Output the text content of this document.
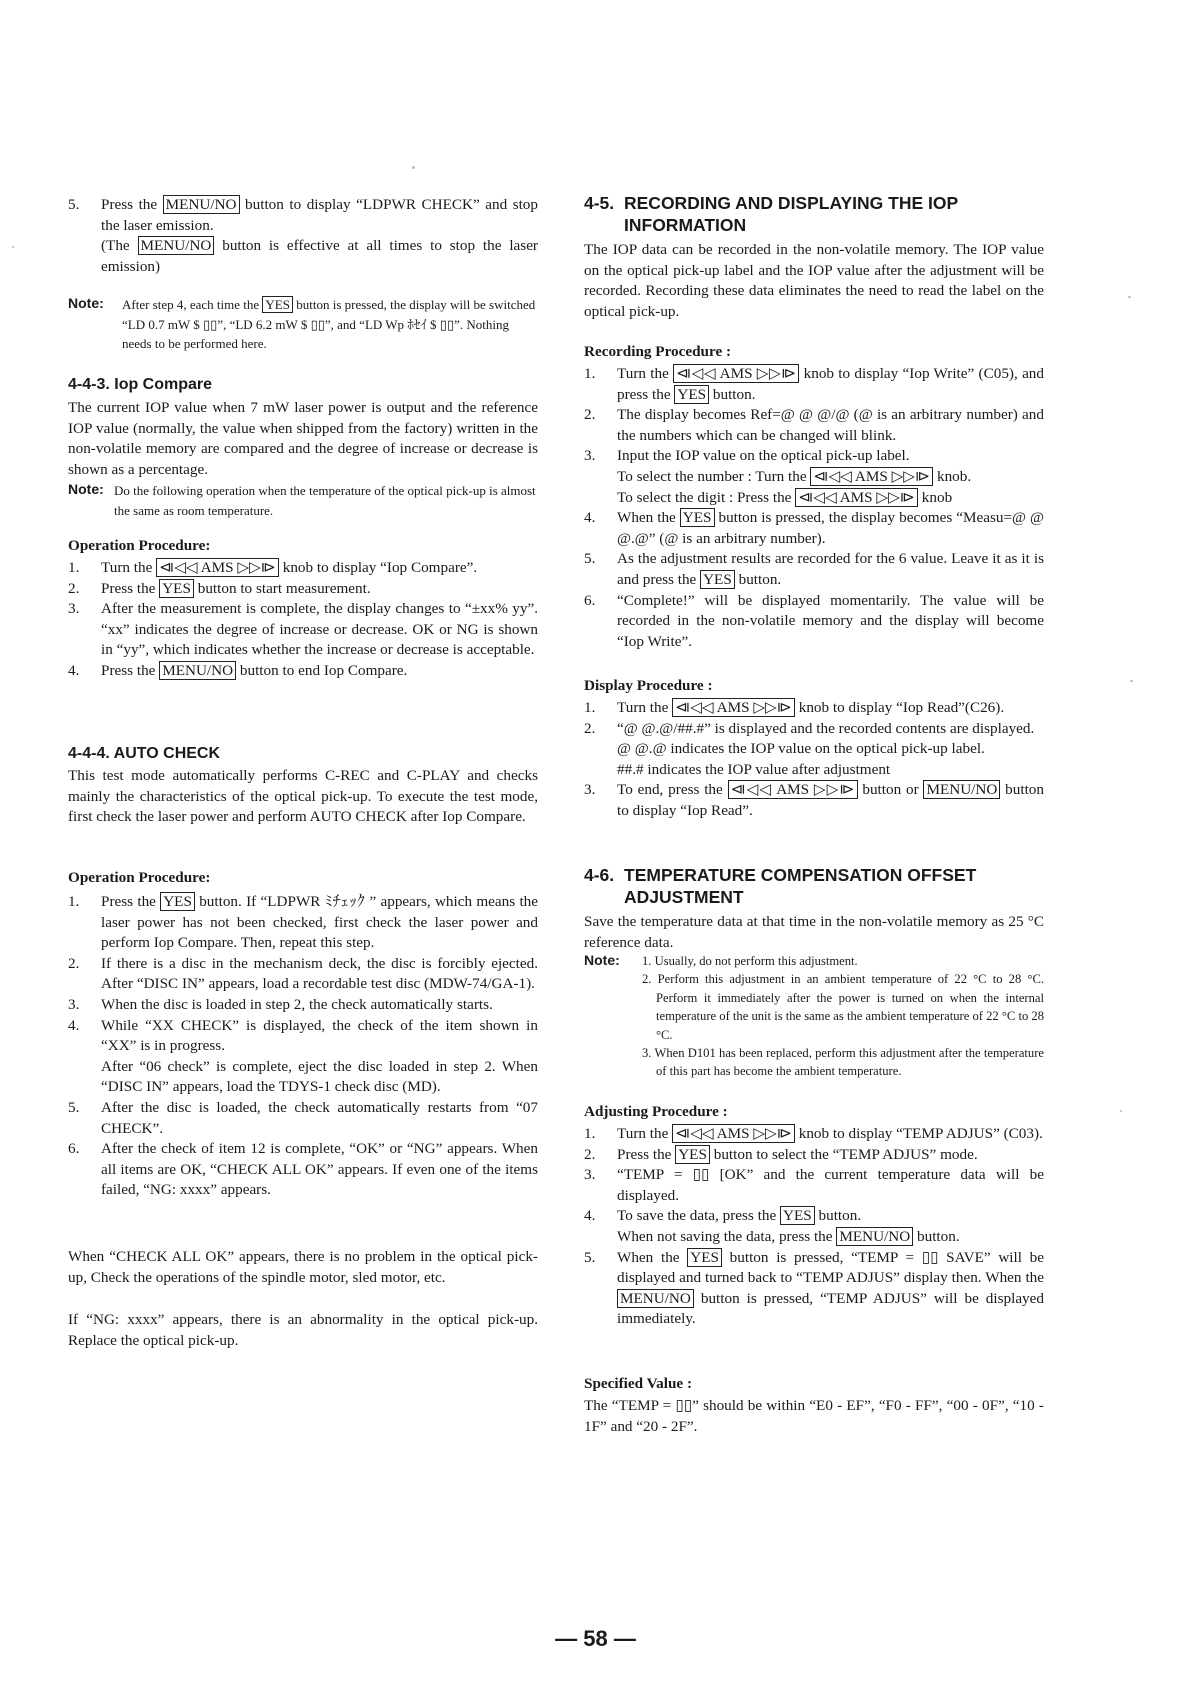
5. Press the MENU/NO button to display “LDPWR CHECK” and stop the laser emission.
(The MENU/NO button is effective at all times to stop the laser emission)
Note:	After step 4, each time the YES button is pressed, the display will be switched “LD 0.7 mW $ ▯▯”, “LD 6.2 mW $ ▯▯”, and “LD Wp ﾎｾｲ $ ▯▯”. Nothing needs to be performed here.

4-4-3. Iop Compare

The current IOP value when 7 mW laser power is output and the reference IOP value (normally, the value when shipped from the factory) written in the non-volatile memory are compared and the degree of increase or decrease is shown as a percentage.

Note: Do the following operation when the temperature of the optical pick-up is almost the same as room temperature.

Operation Procedure:

1. Turn the ⧏◁◁ AMS ▷▷⧐ knob to display “Iop Compare”.
2. Press the YES button to start measurement.
3. After the measurement is complete, the display changes to “±xx% yy”. “xx” indicates the degree of increase or decrease. OK or NG is shown in “yy”, which indicates whether the increase or decrease is acceptable.
4. Press the MENU/NO button to end Iop Compare.

4-4-4. AUTO CHECK

This test mode automatically performs C-REC and C-PLAY and checks mainly the characteristics of the optical pick-up. To execute the test mode, first check the laser power and perform AUTO CHECK after Iop Compare.

Operation Procedure:

1. Press the YES button. If “LDPWR ﾐﾁｪｯｸ ” appears, which means the laser power has not been checked, first check the laser power and perform Iop Compare. Then, repeat this step.
2. If there is a disc in the mechanism deck, the disc is forcibly ejected. After “DISC IN” appears, load a recordable test disc (MDW-74/GA-1).
3. When the disc is loaded in step 2, the check automatically starts.
4. While “XX CHECK” is displayed, the check of the item shown in “XX” is in progress.
After “06 check” is complete, eject the disc loaded in step 2. When “DISC IN” appears, load the TDYS-1 check disc (MD).
5. After the disc is loaded, the check automatically restarts from “07 CHECK”.
6. After the check of item 12 is complete, “OK” or “NG” appears. When all items are OK, “CHECK ALL OK” appears. If even one of the items failed, “NG: xxxx” appears.

When “CHECK ALL OK” appears, there is no problem in the optical pick-up, Check the operations of the spindle motor, sled motor, etc.

If “NG: xxxx” appears, there is an abnormality in the optical pick-up. Replace the optical pick-up.

4-5. RECORDING AND DISPLAYING THE IOP
INFORMATION

The IOP data can be recorded in the non-volatile memory. The IOP value on the optical pick-up label and the IOP value after the adjustment will be recorded. Recording these data eliminates the need to read the label on the optical pick-up.

Recording Procedure :

1. Turn the ⧏◁◁ AMS ▷▷⧐ knob to display “Iop Write” (C05), and press the YES button.
2. The display becomes Ref=@ @ @/@ (@ is an arbitrary number) and the numbers which can be changed will blink.
3. Input the IOP value on the optical pick-up label.
To select the number : Turn the ⧏◁◁ AMS ▷▷⧐ knob.
To select the digit : Press the ⧏◁◁ AMS ▷▷⧐ knob
4. When the YES button is pressed, the display becomes “Measu=@ @ @.@” (@ is an arbitrary number).
5. As the adjustment results are recorded for the 6 value. Leave it as it is and press the YES button.
6. “Complete!” will be displayed momentarily. The value will be recorded in the non-volatile memory and the display will become “Iop Write”.

Display Procedure :

1. Turn the ⧏◁◁ AMS ▷▷⧐ knob to display “Iop Read”(C26).
2. “@ @.@/##.#” is displayed and the recorded contents are displayed.
@ @.@ indicates the IOP value on the optical pick-up label.
##.# indicates the IOP value after adjustment
3. To end, press the ⧏◁◁ AMS ▷▷⧐ button or MENU/NO button to display “Iop Read”.

4-6. TEMPERATURE COMPENSATION OFFSET
ADJUSTMENT

Save the temperature data at that time in the non-volatile memory as 25 °C reference data.

Note:	1. Usually, do not perform this adjustment.

2. Perform this adjustment in an ambient temperature of 22 °C to 28 °C. Perform it immediately after the power is turned on when the internal temperature of the unit is the same as the ambient temperature of 22 °C to 28 °C.

3. When D101 has been replaced, perform this adjustment after the temperature of this part has become the ambient temperature.

Adjusting Procedure :

1. Turn the ⧏◁◁ AMS ▷▷⧐ knob to display “TEMP ADJUS” (C03).
2. Press the YES button to select the “TEMP ADJUS” mode.
3. “TEMP = ▯▯ [OK” and the current temperature data will be displayed.
4. To save the data, press the YES button.
When not saving the data, press the MENU/NO button.
5. When the YES button is pressed, “TEMP = ▯▯ SAVE” will be displayed and turned back to “TEMP ADJUS” display then. When the MENU/NO button is pressed, “TEMP ADJUS” will be displayed immediately.

Specified Value :

The “TEMP = ▯▯” should be within “E0 - EF”, “F0 - FF”, “00 - 0F”, “10 - 1F” and “20 - 2F”.

— 58 —
